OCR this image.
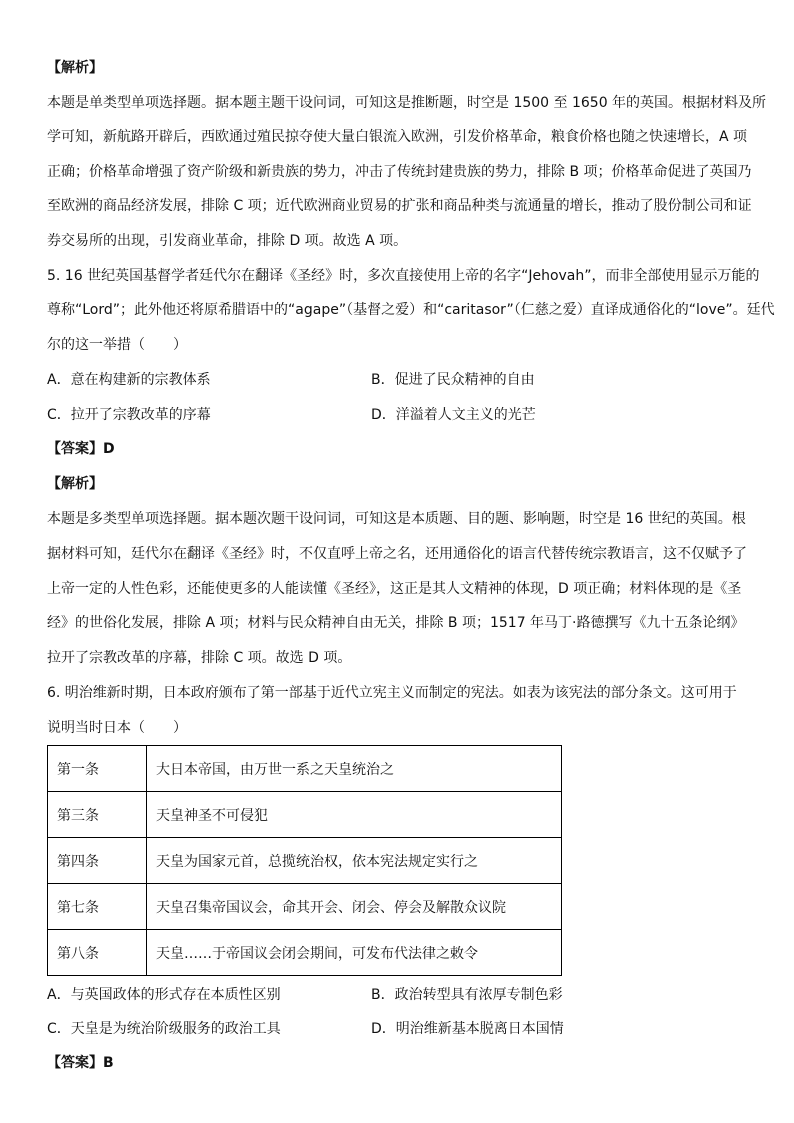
【解析】
本题是单类型单项选择题。据本题主题干设问词，可知这是推断题，时空是 1500 至 1650 年的英国。根据材料及所
学可知，新航路开辟后，西欧通过殖民掠夺使大量白银流入欧洲，引发价格革命，粮食价格也随之快速增长，A 项
正确；价格革命增强了资产阶级和新贵族的势力，冲击了传统封建贵族的势力，排除 B 项；价格革命促进了英国乃
至欧洲的商品经济发展，排除 C 项；近代欧洲商业贸易的扩张和商品种类与流通量的增长，推动了股份制公司和证
券交易所的出现，引发商业革命，排除 D 项。故选 A 项。
5. 16 世纪英国基督学者廷代尔在翻译《圣经》时，多次直接使用上帝的名字“Jehovah”，而非全部使用显示万能的
尊称“Lord”；此外他还将原希腊语中的“agape”（基督之爱）和“caritasor”（仁慈之爱）直译成通俗化的“love”。廷代
尔的这一举措（　　）
A．意在构建新的宗教体系	B．促进了民众精神的自由
C．拉开了宗教改革的序幕	D．洋溢着人文主义的光芒
【答案】D
【解析】
本题是多类型单项选择题。据本题次题干设问词，可知这是本质题、目的题、影响题，时空是 16 世纪的英国。根
据材料可知，廷代尔在翻译《圣经》时，不仅直呼上帝之名，还用通俗化的语言代替传统宗教语言，这不仅赋予了
上帝一定的人性色彩，还能使更多的人能读懂《圣经》，这正是其人文精神的体现，D 项正确；材料体现的是《圣
经》的世俗化发展，排除 A 项；材料与民众精神自由无关，排除 B 项；1517 年马丁·路德撰写《九十五条论纲》
拉开了宗教改革的序幕，排除 C 项。故选 D 项。
6. 明治维新时期，日本政府颁布了第一部基于近代立宪主义而制定的宪法。如表为该宪法的部分条文。这可用于
说明当时日本（　　）
第一条	大日本帝国，由万世一系之天皇统治之
第三条	天皇神圣不可侵犯
第四条	天皇为国家元首，总揽统治权，依本宪法规定实行之
第七条	天皇召集帝国议会，命其开会、闭会、停会及解散众议院
第八条	天皇……于帝国议会闭会期间，可发布代法律之敕令
A．与英国政体的形式存在本质性区别	B．政治转型具有浓厚专制色彩
C．天皇是为统治阶级服务的政治工具	D．明治维新基本脱离日本国情
【答案】B
